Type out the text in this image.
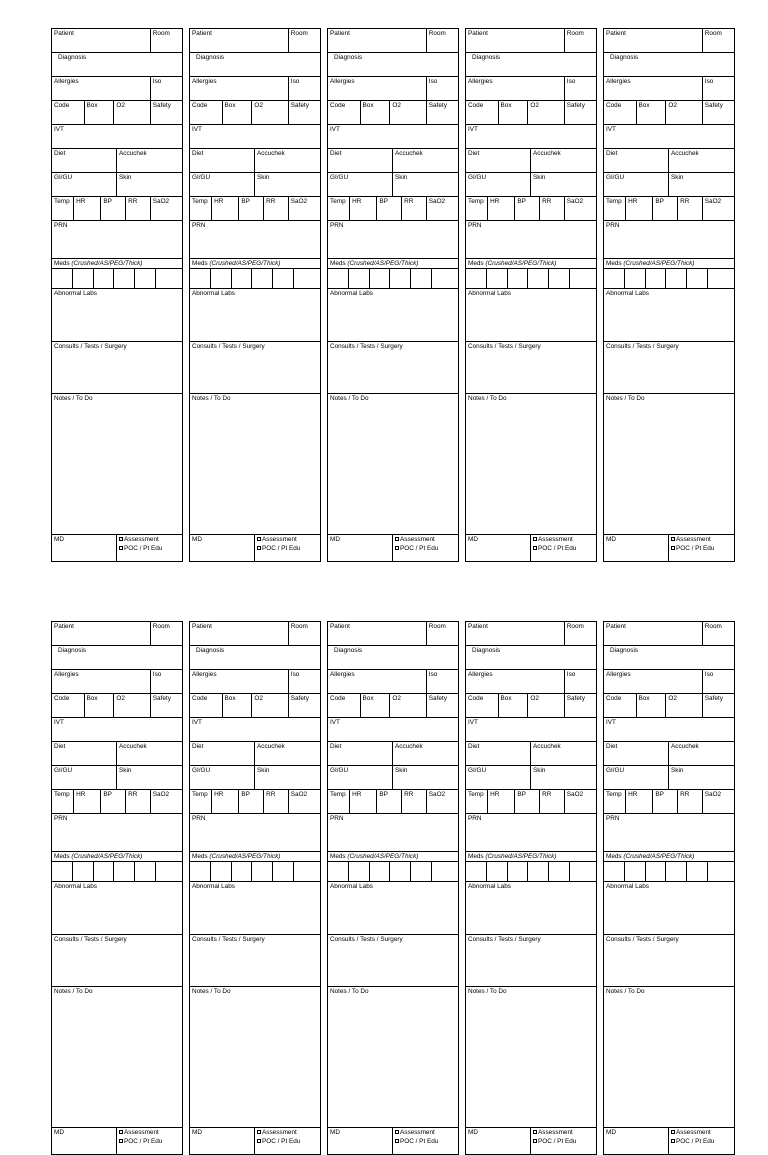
Patient	Room
Diagnosis
Allergies	Iso
Code	Box	O2	Safety
IVT
Diet	Accuchek
GI/GU	Skin
Temp	HR	BP	RR	SaO2
PRN
Meds (Crushed/AS/PEG/Thick)
Abnormal Labs
Consults / Tests / Surgery
Notes / To Do
MD	Assessment
POC / Pt Edu
Patient	Room
Diagnosis
Allergies	Iso
Code	Box	O2	Safety
IVT
Diet	Accuchek
GI/GU	Skin
Temp	HR	BP	RR	SaO2
PRN
Meds (Crushed/AS/PEG/Thick)
Abnormal Labs
Consults / Tests / Surgery
Notes / To Do
MD	Assessment
POC / Pt Edu
Patient	Room
Diagnosis
Allergies	Iso
Code	Box	O2	Safety
IVT
Diet	Accuchek
GI/GU	Skin
Temp	HR	BP	RR	SaO2
PRN
Meds (Crushed/AS/PEG/Thick)
Abnormal Labs
Consults / Tests / Surgery
Notes / To Do
MD	Assessment
POC / Pt Edu
Patient	Room
Diagnosis
Allergies	Iso
Code	Box	O2	Safety
IVT
Diet	Accuchek
GI/GU	Skin
Temp	HR	BP	RR	SaO2
PRN
Meds (Crushed/AS/PEG/Thick)
Abnormal Labs
Consults / Tests / Surgery
Notes / To Do
MD	Assessment
POC / Pt Edu
Patient	Room
Diagnosis
Allergies	Iso
Code	Box	O2	Safety
IVT
Diet	Accuchek
GI/GU	Skin
Temp	HR	BP	RR	SaO2
PRN
Meds (Crushed/AS/PEG/Thick)
Abnormal Labs
Consults / Tests / Surgery
Notes / To Do
MD	Assessment
POC / Pt Edu
Patient	Room
Diagnosis
Allergies	Iso
Code	Box	O2	Safety
IVT
Diet	Accuchek
GI/GU	Skin
Temp	HR	BP	RR	SaO2
PRN
Meds (Crushed/AS/PEG/Thick)
Abnormal Labs
Consults / Tests / Surgery
Notes / To Do
MD	Assessment
POC / Pt Edu
Patient	Room
Diagnosis
Allergies	Iso
Code	Box	O2	Safety
IVT
Diet	Accuchek
GI/GU	Skin
Temp	HR	BP	RR	SaO2
PRN
Meds (Crushed/AS/PEG/Thick)
Abnormal Labs
Consults / Tests / Surgery
Notes / To Do
MD	Assessment
POC / Pt Edu
Patient	Room
Diagnosis
Allergies	Iso
Code	Box	O2	Safety
IVT
Diet	Accuchek
GI/GU	Skin
Temp	HR	BP	RR	SaO2
PRN
Meds (Crushed/AS/PEG/Thick)
Abnormal Labs
Consults / Tests / Surgery
Notes / To Do
MD	Assessment
POC / Pt Edu
Patient	Room
Diagnosis
Allergies	Iso
Code	Box	O2	Safety
IVT
Diet	Accuchek
GI/GU	Skin
Temp	HR	BP	RR	SaO2
PRN
Meds (Crushed/AS/PEG/Thick)
Abnormal Labs
Consults / Tests / Surgery
Notes / To Do
MD	Assessment
POC / Pt Edu
Patient	Room
Diagnosis
Allergies	Iso
Code	Box	O2	Safety
IVT
Diet	Accuchek
GI/GU	Skin
Temp	HR	BP	RR	SaO2
PRN
Meds (Crushed/AS/PEG/Thick)
Abnormal Labs
Consults / Tests / Surgery
Notes / To Do
MD	Assessment
POC / Pt Edu
